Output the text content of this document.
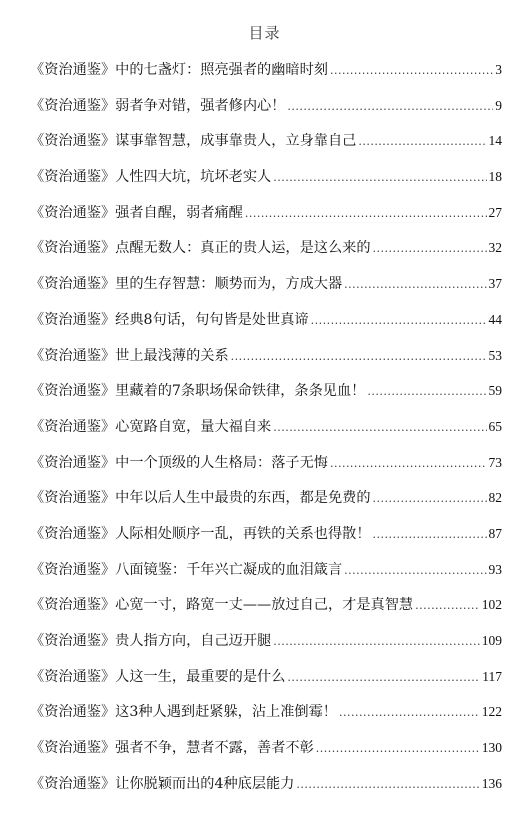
目录
《资治通鉴》中的七盏灯：照亮强者的幽暗时刻 .....	3
《资治通鉴》弱者争对错，强者修内心！ .....	9
《资治通鉴》谋事靠智慧，成事靠贵人，立身靠自己 .....	14
《资治通鉴》人性四大坑，坑坏老实人 .....	18
《资治通鉴》强者自醒，弱者痛醒 .....	27
《资治通鉴》点醒无数人：真正的贵人运，是这么来的 .....	32
《资治通鉴》里的生存智慧：顺势而为，方成大器 .....	37
《资治通鉴》经典8句话，句句皆是处世真谛 .....	44
《资治通鉴》世上最浅薄的关系 .....	53
《资治通鉴》里藏着的7条职场保命铁律，条条见血！ .....	59
《资治通鉴》心宽路自宽，量大福自来 .....	65
《资治通鉴》中一个顶级的人生格局：落子无悔 .....	73
《资治通鉴》中年以后人生中最贵的东西，都是免费的 .....	82
《资治通鉴》人际相处顺序一乱，再铁的关系也得散！ .....	87
《资治通鉴》八面镜鉴：千年兴亡凝成的血泪箴言 .....	93
《资治通鉴》心宽一寸，路宽一丈——放过自己，才是真智慧 .....	102
《资治通鉴》贵人指方向，自己迈开腿 .....	109
《资治通鉴》人这一生，最重要的是什么 .....	117
《资治通鉴》这3种人遇到赶紧躲，沾上准倒霉！ .....	122
《资治通鉴》强者不争，慧者不露，善者不彰 .....	130
《资治通鉴》让你脱颖而出的4种底层能力 .....	136
